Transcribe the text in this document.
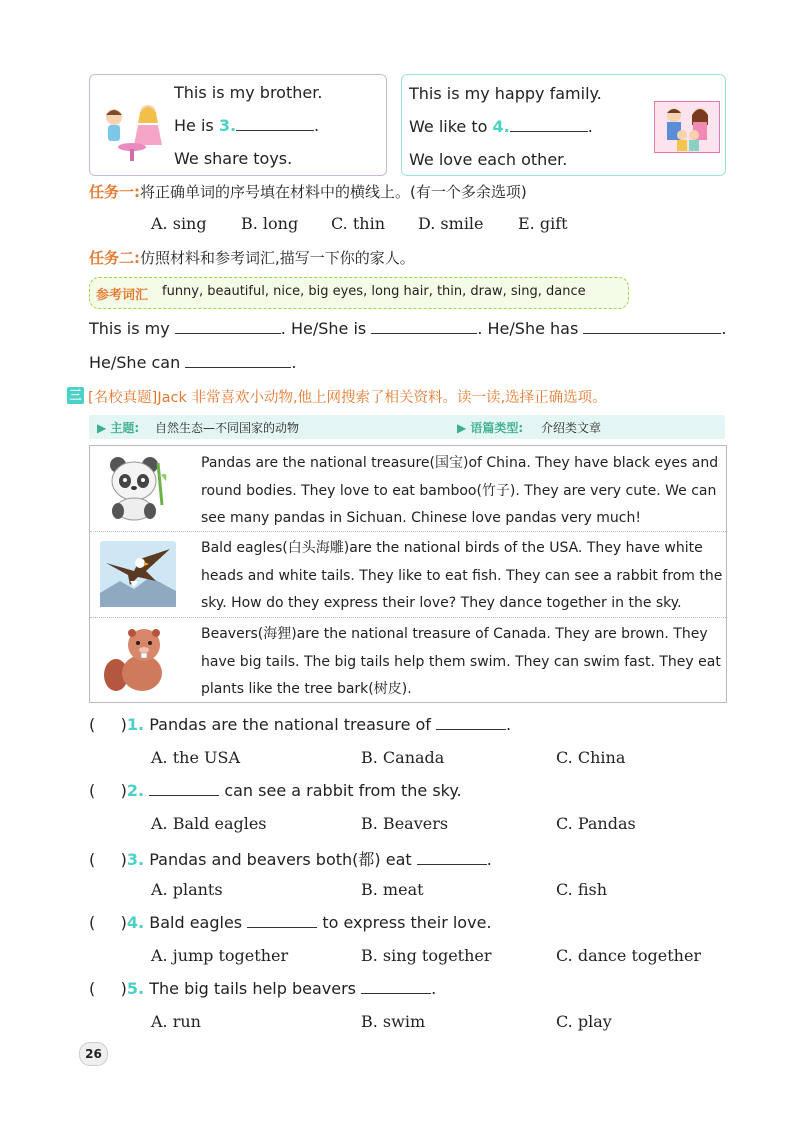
This is my brother.
He is 3.	.
We share toys.
This is my happy family.
We like to 4.	.
We love each other.
任务一:将正确单词的序号填在材料中的横线上。(有一个多余选项)
A. sing B. long C. thin D. smile E. gift
任务二:仿照材料和参考词汇,描写一下你的家人。
参考词汇 funny, beautiful, nice, big eyes, long hair, thin, draw, sing, dance
This is my	. He/She is	. He/She has	.
He/She can	.
三 [名校真题]Jack 非常喜欢小动物,他上网搜索了相关资料。读一读,选择正确选项。
▶ 主题: 自然生态—不同国家的动物	▶ 语篇类型: 介绍类文章
Pandas are the national treasure(国宝)of China. They have black eyes and round bodies. They love to eat bamboo(竹子). They are very cute. We can see many pandas in Sichuan. Chinese love pandas very much!
Bald eagles(白头海雕)are the national birds of the USA. They have white heads and white tails. They like to eat fish. They can see a rabbit from the sky. How do they express their love? They dance together in the sky.
Beavers(海狸)are the national treasure of Canada. They are brown. They have big tails. The big tails help them swim. They can swim fast. They eat plants like the tree bark(树皮).
(     )1. Pandas are the national treasure of	.
A. the USA	B. Canada	C. China
(     )2.	can see a rabbit from the sky.
A. Bald eagles	B. Beavers	C. Pandas
(     )3. Pandas and beavers both(都) eat	.
A. plants	B. meat	C. fish
(     )4. Bald eagles	to express their love.
A. jump together	B. sing together	C. dance together
(     )5. The big tails help beavers	.
A. run	B. swim	C. play
26
